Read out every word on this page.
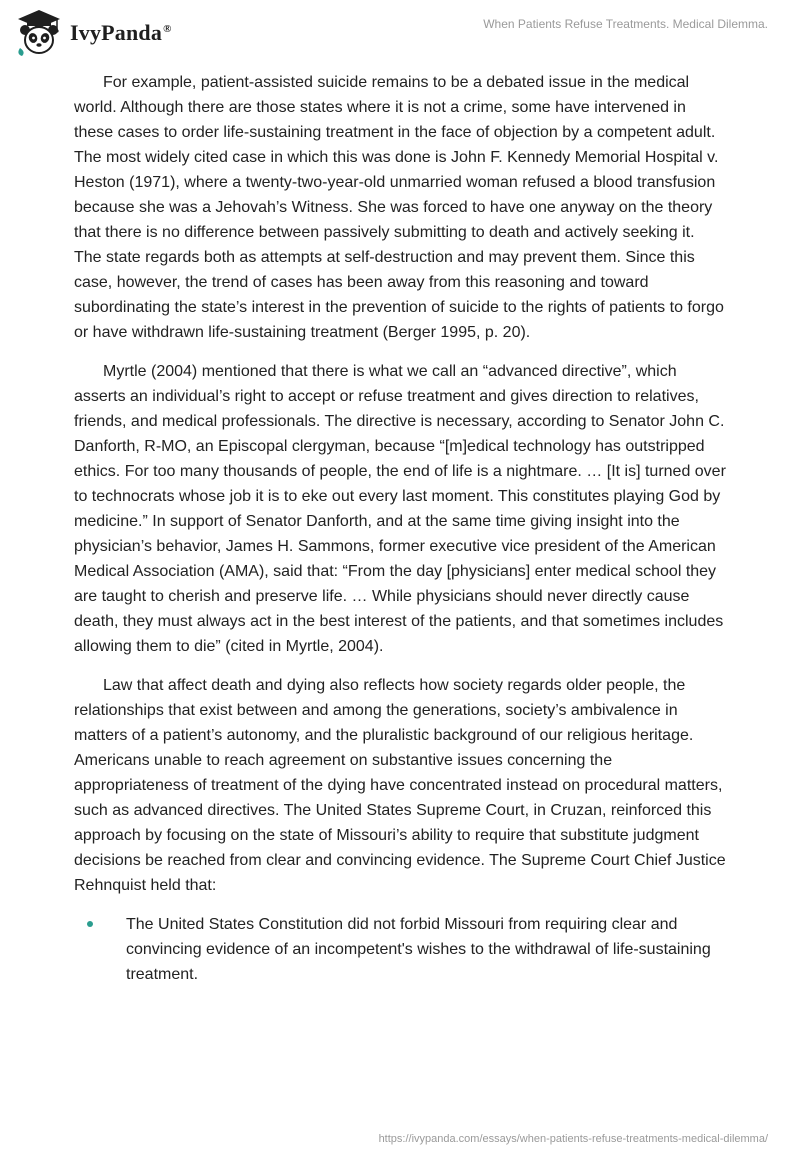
IvyPanda®	When Patients Refuse Treatments. Medical Dilemma.

For example, patient-assisted suicide remains to be a debated issue in the medical world. Although there are those states where it is not a crime, some have intervened in these cases to order life-sustaining treatment in the face of objection by a competent adult. The most widely cited case in which this was done is John F. Kennedy Memorial Hospital v. Heston (1971), where a twenty-two-year-old unmarried woman refused a blood transfusion because she was a Jehovah’s Witness. She was forced to have one anyway on the theory that there is no difference between passively submitting to death and actively seeking it. The state regards both as attempts at self-destruction and may prevent them. Since this case, however, the trend of cases has been away from this reasoning and toward subordinating the state’s interest in the prevention of suicide to the rights of patients to forgo or have withdrawn life-sustaining treatment (Berger 1995, p. 20).

Myrtle (2004) mentioned that there is what we call an “advanced directive”, which asserts an individual’s right to accept or refuse treatment and gives direction to relatives, friends, and medical professionals. The directive is necessary, according to Senator John C. Danforth, R-MO, an Episcopal clergyman, because “[m]edical technology has outstripped ethics. For too many thousands of people, the end of life is a nightmare. … [It is] turned over to technocrats whose job it is to eke out every last moment. This constitutes playing God by medicine.” In support of Senator Danforth, and at the same time giving insight into the physician’s behavior, James H. Sammons, former executive vice president of the American Medical Association (AMA), said that: “From the day [physicians] enter medical school they are taught to cherish and preserve life. … While physicians should never directly cause death, they must always act in the best interest of the patients, and that sometimes includes allowing them to die” (cited in Myrtle, 2004).

Law that affect death and dying also reflects how society regards older people, the relationships that exist between and among the generations, society’s ambivalence in matters of a patient’s autonomy, and the pluralistic background of our religious heritage. Americans unable to reach agreement on substantive issues concerning the appropriateness of treatment of the dying have concentrated instead on procedural matters, such as advanced directives. The United States Supreme Court, in Cruzan, reinforced this approach by focusing on the state of Missouri’s ability to require that substitute judgment decisions be reached from clear and convincing evidence. The Supreme Court Chief Justice Rehnquist held that:

The United States Constitution did not forbid Missouri from requiring clear and convincing evidence of an incompetent's wishes to the withdrawal of life-sustaining treatment.
https://ivypanda.com/essays/when-patients-refuse-treatments-medical-dilemma/
